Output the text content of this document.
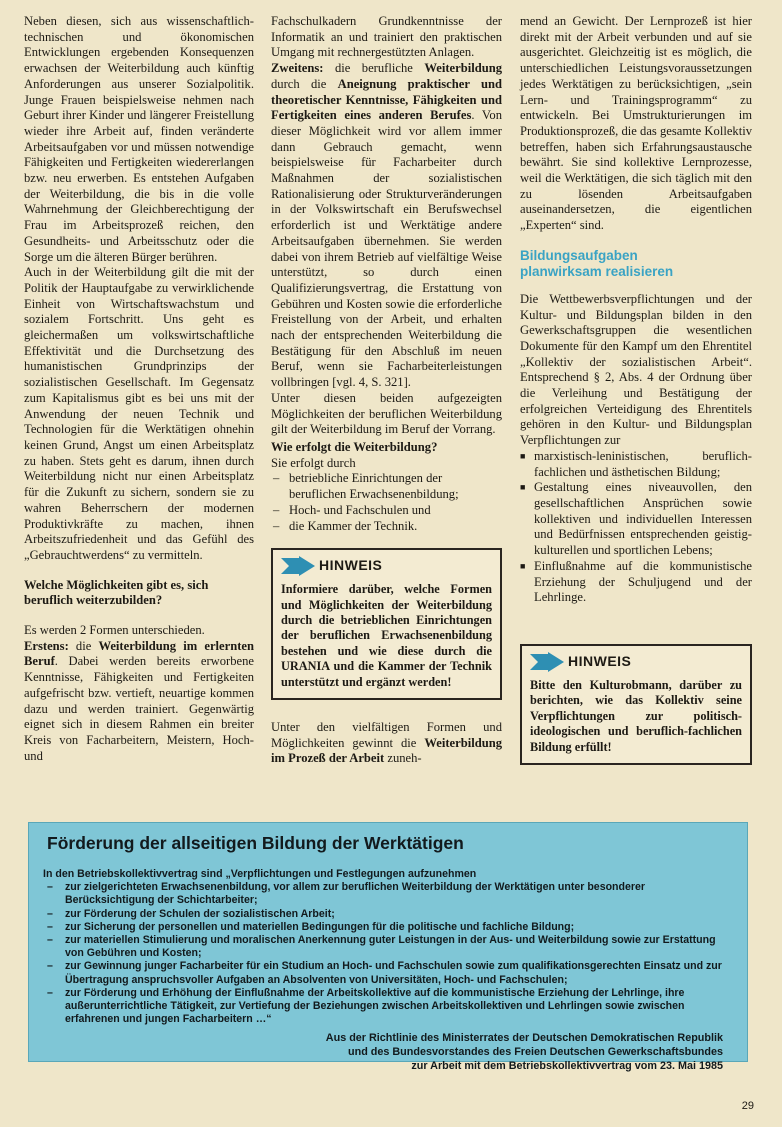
Neben diesen, sich aus wissenschaftlich-technischen und ökonomischen Entwicklungen ergebenden Konsequenzen erwachsen der Weiterbildung auch künftig Anforderungen aus unserer Sozialpolitik. Junge Frauen beispielsweise nehmen nach Geburt ihrer Kinder und längerer Freistellung wieder ihre Arbeit auf, finden veränderte Arbeitsaufgaben vor und müssen notwendige Fähigkeiten und Fertigkeiten wiedererlangen bzw. neu erwerben. Es entstehen Aufgaben der Weiterbildung, die bis in die volle Wahrnehmung der Gleichberechtigung der Frau im Arbeitsprozeß reichen, den Gesundheits- und Arbeitsschutz oder die Sorge um die älteren Bürger berühren.

Auch in der Weiterbildung gilt die mit der Politik der Hauptaufgabe zu verwirklichende Einheit von Wirtschaftswachstum und sozialem Fortschritt. Uns geht es gleichermaßen um volkswirtschaftliche Effektivität und die Durchsetzung des humanistischen Grundprinzips der sozialistischen Gesellschaft. Im Gegensatz zum Kapitalismus gibt es bei uns mit der Anwendung der neuen Technik und Technologien für die Werktätigen ohnehin keinen Grund, Angst um einen Arbeitsplatz zu haben. Stets geht es darum, ihnen durch Weiterbildung nicht nur einen Arbeitsplatz für die Zukunft zu sichern, sondern sie zu wahren Beherrschern der modernen Produktivkräfte zu machen, ihnen Arbeitszufriedenheit und das Gefühl des „Gebrauchtwerdens“ zu vermitteln.

Welche Möglichkeiten gibt es, sich beruflich weiterzubilden?

Es werden 2 Formen unterschieden.

Erstens: die Weiterbildung im erlernten Beruf. Dabei werden bereits erworbene Kenntnisse, Fähigkeiten und Fertigkeiten aufgefrischt bzw. vertieft, neuartige kommen dazu und werden trainiert. Gegenwärtig eignet sich in diesem Rahmen ein breiter Kreis von Facharbeitern, Meistern, Hoch- und

Fachschulkadern Grundkenntnisse der Informatik an und trainiert den praktischen Umgang mit rechnergestützten Anlagen.

Zweitens: die berufliche Weiterbildung durch die Aneignung praktischer und theoretischer Kenntnisse, Fähigkeiten und Fertigkeiten eines anderen Berufes. Von dieser Möglichkeit wird vor allem immer dann Gebrauch gemacht, wenn beispielsweise für Facharbeiter durch Maßnahmen der sozialistischen Rationalisierung oder Strukturveränderungen in der Volkswirtschaft ein Berufswechsel erforderlich ist und Werktätige andere Arbeitsaufgaben übernehmen. Sie werden dabei von ihrem Betrieb auf vielfältige Weise unterstützt, so durch einen Qualifizierungsvertrag, die Erstattung von Gebühren und Kosten sowie die erforderliche Freistellung von der Arbeit, und erhalten nach der entsprechenden Weiterbildung die Bestätigung für den Abschluß im neuen Beruf, wenn sie Facharbeiterleistungen vollbringen [vgl. 4, S. 321].

Unter diesen beiden aufgezeigten Möglichkeiten der beruflichen Weiterbildung gilt der Weiterbildung im Beruf der Vorrang.

Wie erfolgt die Weiterbildung?

Sie erfolgt durch

– betriebliche Einrichtungen der beruflichen Erwachsenenbildung;
– Hoch- und Fachschulen und
– die Kammer der Technik.
HINWEIS
Informiere darüber, welche Formen und Möglichkeiten der Weiterbildung durch die betrieblichen Einrichtungen der beruflichen Erwachsenenbildung bestehen und wie diese durch die URANIA und die Kammer der Technik unterstützt und ergänzt werden!

Unter den vielfältigen Formen und Möglichkeiten gewinnt die Weiterbildung im Prozeß der Arbeit zuneh-

mend an Gewicht. Der Lernprozeß ist hier direkt mit der Arbeit verbunden und auf sie ausgerichtet. Gleichzeitig ist es möglich, die unterschiedlichen Leistungsvoraussetzungen jedes Werktätigen zu berücksichtigen, „sein Lern- und Trainingsprogramm“ zu entwickeln. Bei Umstrukturierungen im Produktionsprozeß, die das gesamte Kollektiv betreffen, haben sich Erfahrungsaustausche bewährt. Sie sind kollektive Lernprozesse, weil die Werktätigen, die sich täglich mit den zu lösenden Arbeitsaufgaben auseinandersetzen, die eigentlichen „Experten“ sind.

Bildungsaufgaben
planwirksam realisieren

Die Wettbewerbsverpflichtungen und der Kultur- und Bildungsplan bilden in den Gewerkschaftsgruppen die wesentlichen Dokumente für den Kampf um den Ehrentitel „Kollektiv der sozialistischen Arbeit“. Entsprechend § 2, Abs. 4 der Ordnung über die Verleihung und Bestätigung der erfolgreichen Verteidigung des Ehrentitels gehören in den Kultur- und Bildungsplan Verpflichtungen zur

■ marxistisch-leninistischen, beruflich-fachlichen und ästhetischen Bildung;
■ Gestaltung eines niveauvollen, den gesellschaftlichen Ansprüchen sowie kollektiven und individuellen Interessen und Bedürfnissen entsprechenden geistig-kulturellen und sportlichen Lebens;
■ Einflußnahme auf die kommunistische Erziehung der Schuljugend und der Lehrlinge.
HINWEIS
Bitte den Kulturobmann, darüber zu berichten, wie das Kollektiv seine Verpflichtungen zur politisch-ideologischen und beruflich-fachlichen Bildung erfüllt!
Förderung der allseitigen Bildung der Werktätigen
In den Betriebskollektivvertrag sind „Verpflichtungen und Festlegungen aufzunehmen
– zur zielgerichteten Erwachsenenbildung, vor allem zur beruflichen Weiterbildung der Werktätigen unter besonderer Berücksichtigung der Schichtarbeiter;
– zur Förderung der Schulen der sozialistischen Arbeit;
– zur Sicherung der personellen und materiellen Bedingungen für die politische und fachliche Bildung;
– zur materiellen Stimulierung und moralischen Anerkennung guter Leistungen in der Aus- und Weiterbildung sowie zur Erstattung von Gebühren und Kosten;
– zur Gewinnung junger Facharbeiter für ein Studium an Hoch- und Fachschulen sowie zum qualifikationsgerechten Einsatz und zur Übertragung anspruchsvoller Aufgaben an Absolventen von Universitäten, Hoch- und Fachschulen;
– zur Förderung und Erhöhung der Einflußnahme der Arbeitskollektive auf die kommunistische Erziehung der Lehrlinge, ihre außerunterrichtliche Tätigkeit, zur Vertiefung der Beziehungen zwischen Arbeitskollektiven und Lehrlingen sowie zwischen erfahrenen und jungen Facharbeitern …“
Aus der Richtlinie des Ministerrates der Deutschen Demokratischen Republik
und des Bundesvorstandes des Freien Deutschen Gewerkschaftsbundes
zur Arbeit mit dem Betriebskollektivvertrag vom 23. Mai 1985
29
